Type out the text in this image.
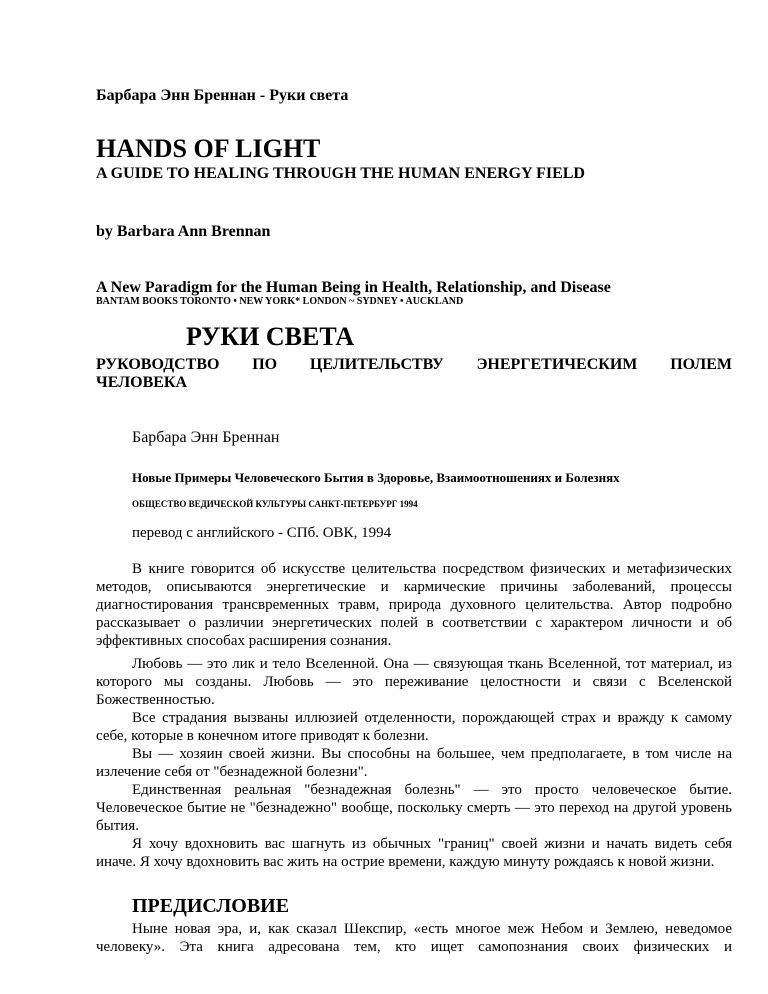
Барбара Энн Бреннан - Руки света

HANDS OF LIGHT

A GUIDE TO HEALING THROUGH THE HUMAN ENERGY FIELD

by Barbara Ann Brennan

A New Paradigm for the Human Being in Health, Relationship, and Disease

BANTAM BOOKS TORONTO • NEW YORK* LONDON ~ SYDNEY • AUCKLAND

РУКИ СВЕТА

РУКОВОДСТВО ПО ЦЕЛИТЕЛЬСТВУ ЭНЕРГЕТИЧЕСКИМ ПОЛЕМ

ЧЕЛОВЕКА

Барбара Энн Бреннан

Новые Примеры Человеческого Бытия в Здоровье, Взаимоотношениях и Болезнях

ОБЩЕСТВО ВЕДИЧЕСКОЙ КУЛЬТУРЫ САНКТ-ПЕТЕРБУРГ 1994

перевод с английского - СПб. ОВК, 1994

В книге говорится об искусстве целительства посредством физических и метафизических методов, описываются энергетические и кармические причины заболеваний, процессы диагностирования трансвременных травм, природа духовного целительства. Автор подробно рассказывает о различии энергетических полей в соответствии с характером личности и об эффективных способах расширения сознания.

Любовь — это лик и тело Вселенной. Она — связующая ткань Вселенной, тот материал, из которого мы созданы. Любовь — это переживание целостности и связи с Вселенской Божественностью.

Все страдания вызваны иллюзией отделенности, порождающей страх и вражду к самому себе, которые в конечном итоге приводят к болезни.

Вы — хозяин своей жизни. Вы способны на большее, чем предполагаете, в том числе на излечение себя от "безнадежной болезни".

Единственная реальная "безнадежная болезнь" — это просто человеческое бытие. Человеческое бытие не "безнадежно" вообще, поскольку смерть — это переход на другой уровень бытия.

Я хочу вдохновить вас шагнуть из обычных "границ" своей жизни и начать видеть себя иначе. Я хочу вдохновить вас жить на острие времени, каждую минуту рождаясь к новой жизни.

ПРЕДИСЛОВИЕ

Ныне новая эра, и, как сказал Шекспир, «есть многое меж Небом и Землею, неведомое человеку». Эта книга адресована тем, кто ищет самопознания своих физических и
